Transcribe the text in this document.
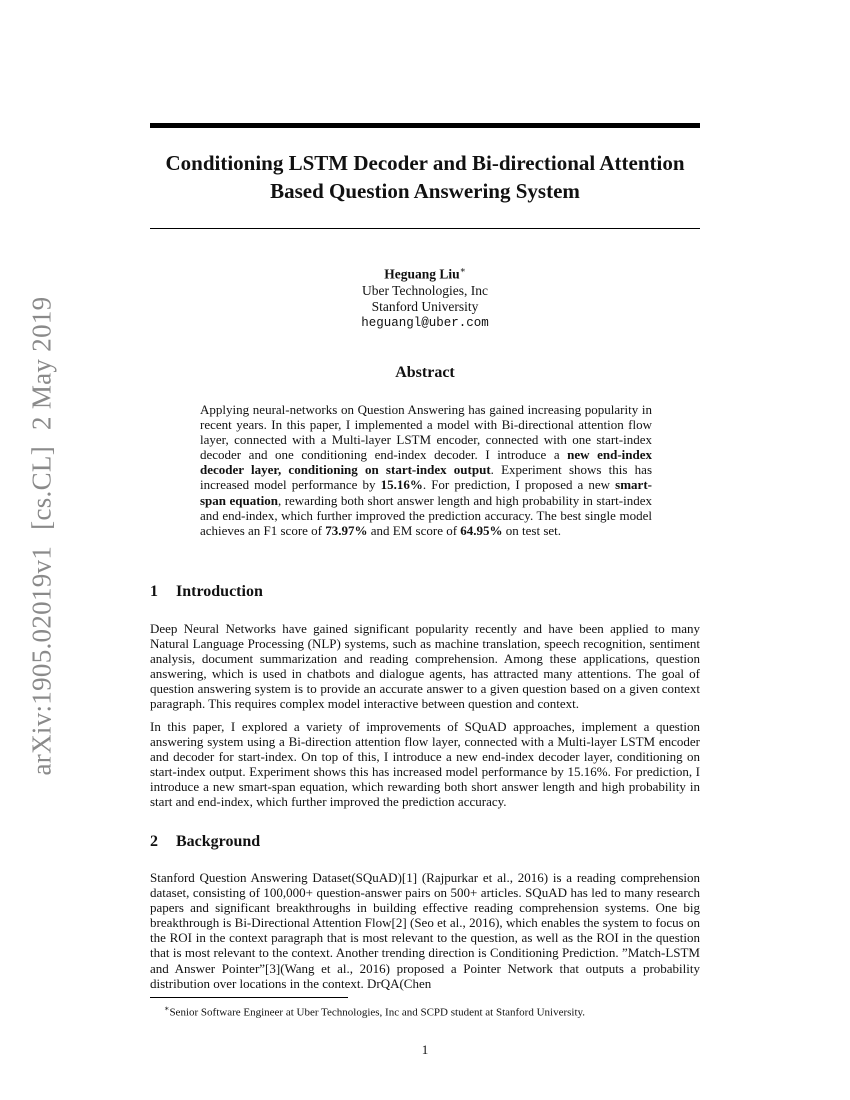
arXiv:1905.02019v1[cs.CL]2 May 2019
Conditioning LSTM Decoder and Bi-directional Attention Based Question Answering System
Heguang Liu∗
Uber Technologies, Inc
Stanford University
heguangl@uber.com
Abstract

Applying neural-networks on Question Answering has gained increasing popularity in recent years. In this paper, I implemented a model with Bi-directional attention flow layer, connected with a Multi-layer LSTM encoder, connected with one start-index decoder and one conditioning end-index decoder. I introduce a new end-index decoder layer, conditioning on start-index output. Experiment shows this has increased model performance by 15.16%. For prediction, I proposed a new smart-span equation, rewarding both short answer length and high probability in start-index and end-index, which further improved the prediction accuracy. The best single model achieves an F1 score of 73.97% and EM score of 64.95% on test set.

1 Introduction

Deep Neural Networks have gained significant popularity recently and have been applied to many Natural Language Processing (NLP) systems, such as machine translation, speech recognition, sentiment analysis, document summarization and reading comprehension. Among these applications, question answering, which is used in chatbots and dialogue agents, has attracted many attentions. The goal of question answering system is to provide an accurate answer to a given question based on a given context paragraph. This requires complex model interactive between question and context.

In this paper, I explored a variety of improvements of SQuAD approaches, implement a question answering system using a Bi-direction attention flow layer, connected with a Multi-layer LSTM encoder and decoder for start-index. On top of this, I introduce a new end-index decoder layer, conditioning on start-index output. Experiment shows this has increased model performance by 15.16%. For prediction, I introduce a new smart-span equation, which rewarding both short answer length and high probability in start and end-index, which further improved the prediction accuracy.

2 Background

Stanford Question Answering Dataset(SQuAD)[1] (Rajpurkar et al., 2016) is a reading comprehension dataset, consisting of 100,000+ question-answer pairs on 500+ articles. SQuAD has led to many research papers and significant breakthroughs in building effective reading comprehension systems. One big breakthrough is Bi-Directional Attention Flow[2] (Seo et al., 2016), which enables the system to focus on the ROI in the context paragraph that is most relevant to the question, as well as the ROI in the question that is most relevant to the context. Another trending direction is Conditioning Prediction. ”Match-LSTM and Answer Pointer”[3](Wang et al., 2016) proposed a Pointer Network that outputs a probability distribution over locations in the context. DrQA(Chen

∗Senior Software Engineer at Uber Technologies, Inc and SCPD student at Stanford University.

1
